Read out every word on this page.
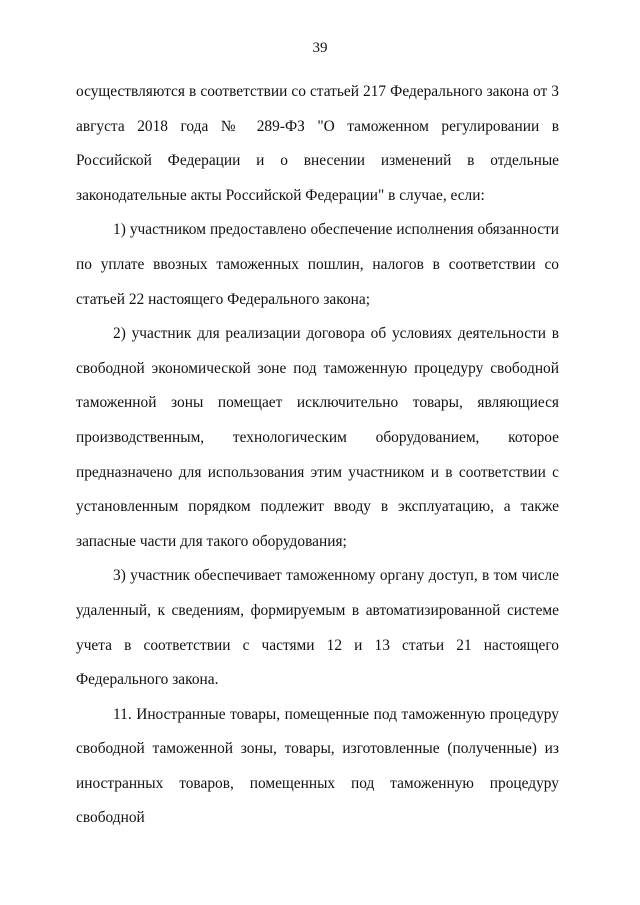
39

осуществляются в соответствии со статьей 217 Федерального закона от 3 августа 2018 года № 289-ФЗ "О таможенном регулировании в Российской Федерации и о внесении изменений в отдельные законодательные акты Российской Федерации" в случае, если:

1) участником предоставлено обеспечение исполнения обязанности по уплате ввозных таможенных пошлин, налогов в соответствии со статьей 22 настоящего Федерального закона;

2) участник для реализации договора об условиях деятельности в свободной экономической зоне под таможенную процедуру свободной таможенной зоны помещает исключительно товары, являющиеся производственным, технологическим оборудованием, которое предназначено для использования этим участником и в соответствии с установленным порядком подлежит вводу в эксплуатацию, а также запасные части для такого оборудования;

3) участник обеспечивает таможенному органу доступ, в том числе удаленный, к сведениям, формируемым в автоматизированной системе учета в соответствии с частями 12 и 13 статьи 21 настоящего Федерального закона.

11. Иностранные товары, помещенные под таможенную процедуру свободной таможенной зоны, товары, изготовленные (полученные) из иностранных товаров, помещенных под таможенную процедуру свободной
